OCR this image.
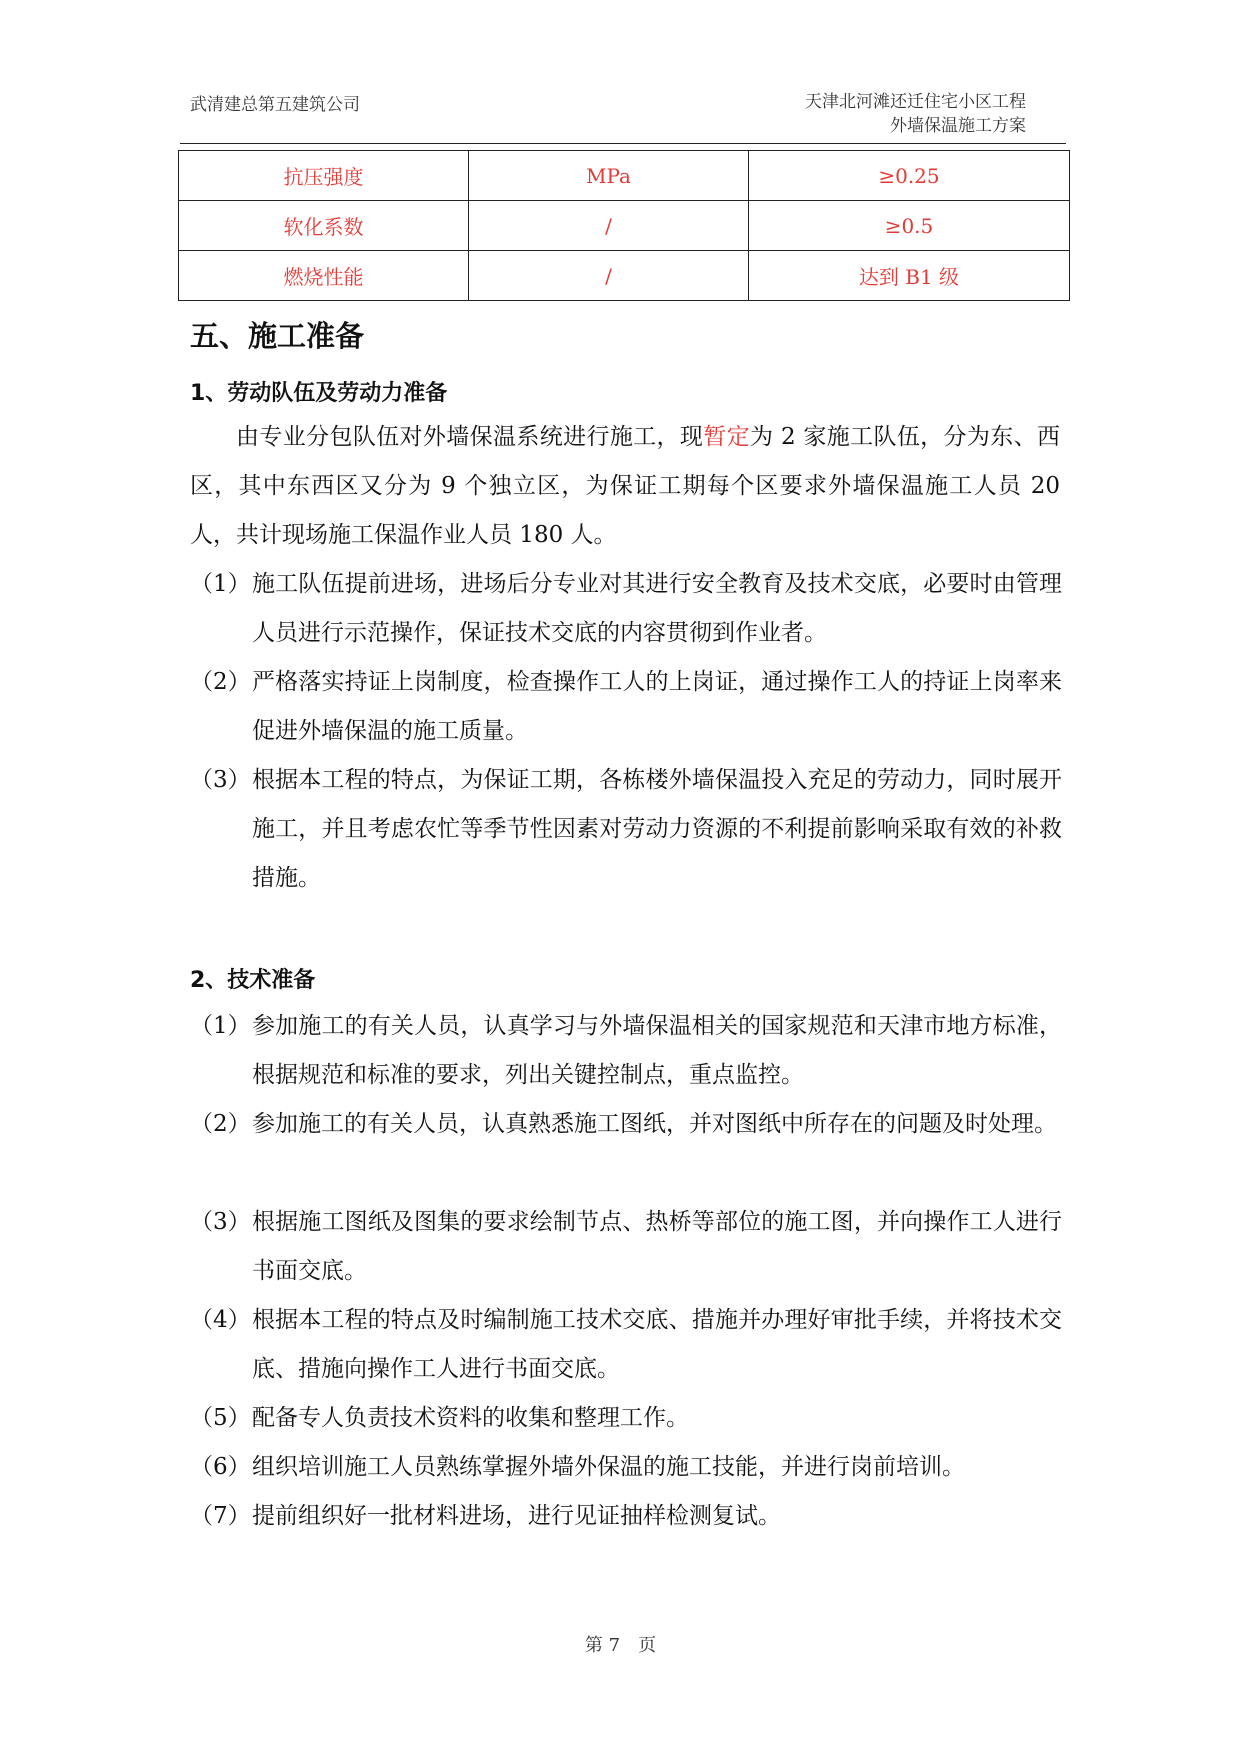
武清建总第五建筑公司	天津北河滩还迁住宅小区工程
外墙保温施工方案
抗压强度	MPa	≥0.25
软化系数	/	≥0.5
燃烧性能	/	达到 B1 级
五、施工准备
1、劳动队伍及劳动力准备
由专业分包队伍对外墙保温系统进行施工，现暂定为 2 家施工队伍，分为东、西区，其中东西区又分为 9 个独立区，为保证工期每个区要求外墙保温施工人员 20 人，共计现场施工保温作业人员 180 人。
（1） 施工队伍提前进场，进场后分专业对其进行安全教育及技术交底，必要时由管理人员进行示范操作，保证技术交底的内容贯彻到作业者。
（2） 严格落实持证上岗制度，检查操作工人的上岗证，通过操作工人的持证上岗率来促进外墙保温的施工质量。
（3） 根据本工程的特点，为保证工期，各栋楼外墙保温投入充足的劳动力，同时展开施工，并且考虑农忙等季节性因素对劳动力资源的不利提前影响采取有效的补救措施。
2、技术准备
（1） 参加施工的有关人员，认真学习与外墙保温相关的国家规范和天津市地方标准，根据规范和标准的要求，列出关键控制点，重点监控。
（2） 参加施工的有关人员，认真熟悉施工图纸，并对图纸中所存在的问题及时处理。
（3） 根据施工图纸及图集的要求绘制节点、热桥等部位的施工图，并向操作工人进行书面交底。
（4） 根据本工程的特点及时编制施工技术交底、措施并办理好审批手续，并将技术交底、措施向操作工人进行书面交底。
（5） 配备专人负责技术资料的收集和整理工作。
（6） 组织培训施工人员熟练掌握外墙外保温的施工技能，并进行岗前培训。
（7） 提前组织好一批材料进场，进行见证抽样检测复试。
第 7　页
